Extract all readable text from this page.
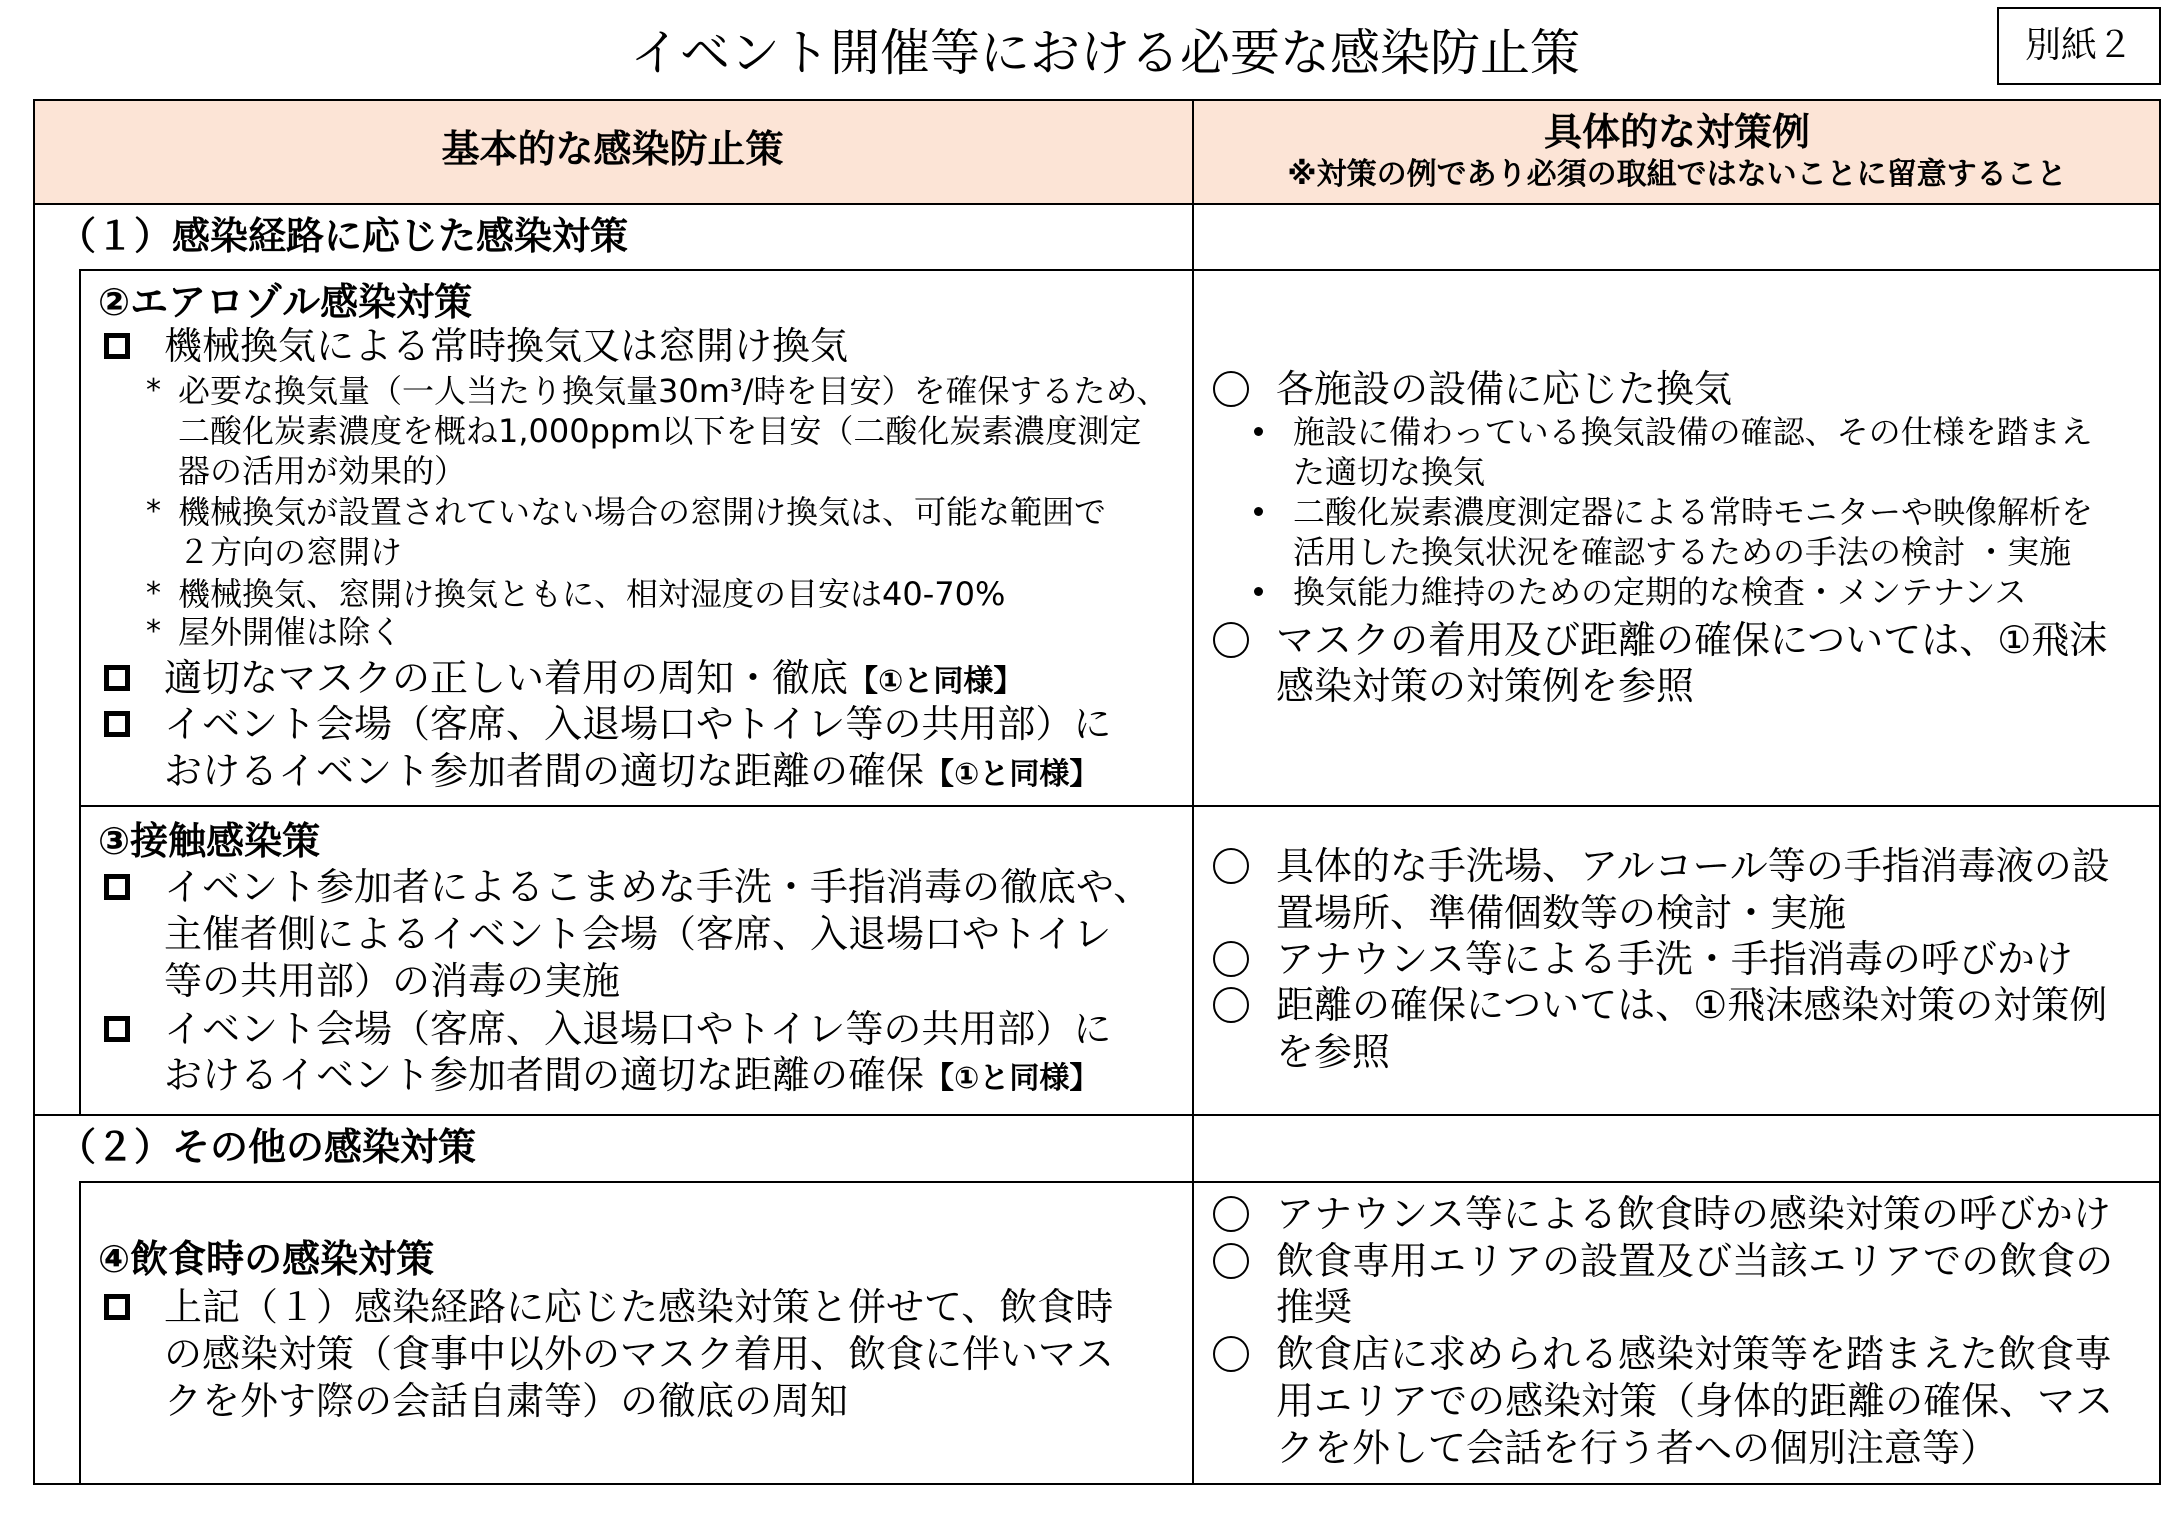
イベント開催等における必要な感染防止策	別紙２
基本的な感染防止策	具体的な対策例
※対策の例であり必須の取組ではないことに留意すること
（１）感染経路に応じた感染対策
②エアロゾル感染対策
機械換気による常時換気又は窓開け換気
*
必要な換気量（一人当たり換気量30m³/時を目安）を確保するため、
二酸化炭素濃度を概ね1,000ppm以下を目安（二酸化炭素濃度測定
器の活用が効果的）
*
機械換気が設置されていない場合の窓開け換気は、可能な範囲で
２方向の窓開け
*
機械換気、窓開け換気ともに、相対湿度の目安は40-70%
*
屋外開催は除く
適切なマスクの正しい着用の周知・徹底【①と同様】
イベント会場（客席、入退場口やトイレ等の共用部）に
おけるイベント参加者間の適切な距離の確保【①と同様】
各施設の設備に応じた換気
施設に備わっている換気設備の確認、その仕様を踏まえ
た適切な換気
二酸化炭素濃度測定器による常時モニターや映像解析を
活用した換気状況を確認するための手法の検討 ・実施
換気能力維持のための定期的な検査・メンテナンス
マスクの着用及び距離の確保については、①飛沫
感染対策の対策例を参照
③接触感染策
イベント参加者によるこまめな手洗・手指消毒の徹底や、
主催者側によるイベント会場（客席、入退場口やトイレ
等の共用部）の消毒の実施
イベント会場（客席、入退場口やトイレ等の共用部）に
おけるイベント参加者間の適切な距離の確保【①と同様】
具体的な手洗場、アルコール等の手指消毒液の設
置場所、準備個数等の検討・実施
アナウンス等による手洗・手指消毒の呼びかけ
距離の確保については、①飛沫感染対策の対策例
を参照
（２）その他の感染対策
④飲食時の感染対策
上記（１）感染経路に応じた感染対策と併せて、飲食時
の感染対策（食事中以外のマスク着用、飲食に伴いマス
クを外す際の会話自粛等）の徹底の周知
アナウンス等による飲食時の感染対策の呼びかけ
飲食専用エリアの設置及び当該エリアでの飲食の
推奨
飲食店に求められる感染対策等を踏まえた飲食専
用エリアでの感染対策（身体的距離の確保、マス
クを外して会話を行う者への個別注意等）
